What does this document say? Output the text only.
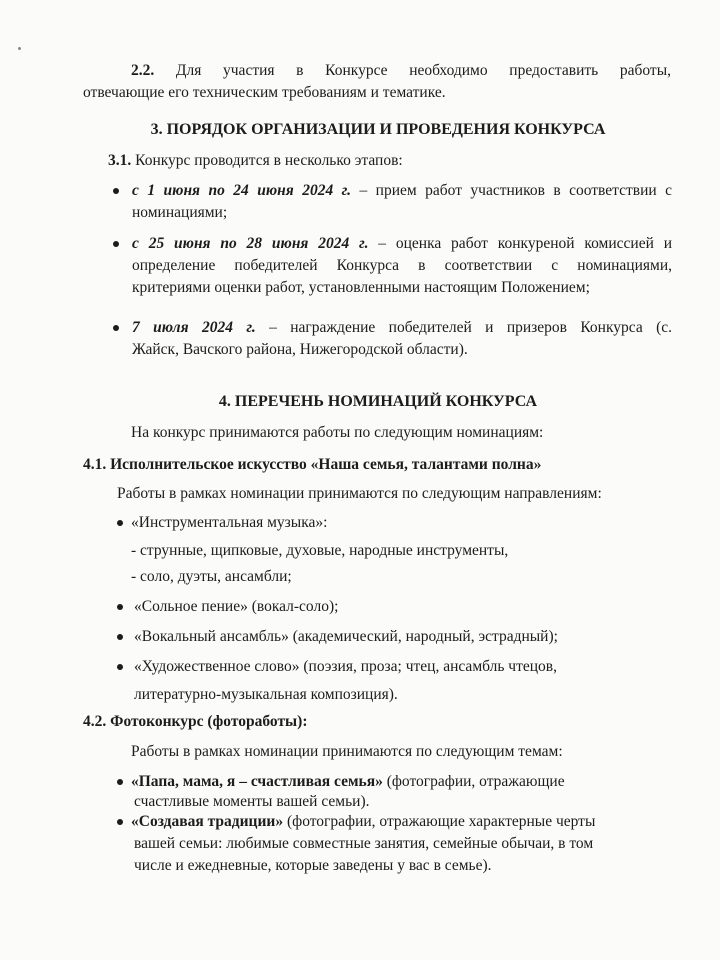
2.2. Для участия в Конкурсе необходимо предоставить работы,
отвечающие его техническим требованиям и тематике.
3. ПОРЯДОК ОРГАНИЗАЦИИ И ПРОВЕДЕНИЯ КОНКУРСА
3.1. Конкурс проводится в несколько этапов:
с 1 июня по 24 июня 2024 г. – прием работ участников в соответствии с
номинациями;
с 25 июня по 28 июня 2024 г. – оценка работ конкуреной комиссией и
определение победителей Конкурса в соответствии с номинациями,
критериями оценки работ, установленными настоящим Положением;
7 июля 2024 г. – награждение победителей и призеров Конкурса (с.
Жайск, Вачского района, Нижегородской области).
4. ПЕРЕЧЕНЬ НОМИНАЦИЙ КОНКУРСА
На конкурс принимаются работы по следующим номинациям:
4.1. Исполнительское искусство «Наша семья, талантами полна»
Работы в рамках номинации принимаются по следующим направлениям:
«Инструментальная музыка»:
- струнные, щипковые, духовые, народные инструменты,
- соло, дуэты, ансамбли;
«Сольное пение» (вокал-соло);
«Вокальный ансамбль» (академический, народный, эстрадный);
«Художественное слово» (поэзия, проза; чтец, ансамбль чтецов,
литературно-музыкальная композиция).
4.2. Фотоконкурс (фотоработы):
Работы в рамках номинации принимаются по следующим темам:
«Папа, мама, я – счастливая семья» (фотографии, отражающие
счастливые моменты вашей семьи).
«Создавая традиции» (фотографии, отражающие характерные черты
вашей семьи: любимые совместные занятия, семейные обычаи, в том
числе и ежедневные, которые заведены у вас в семье).
